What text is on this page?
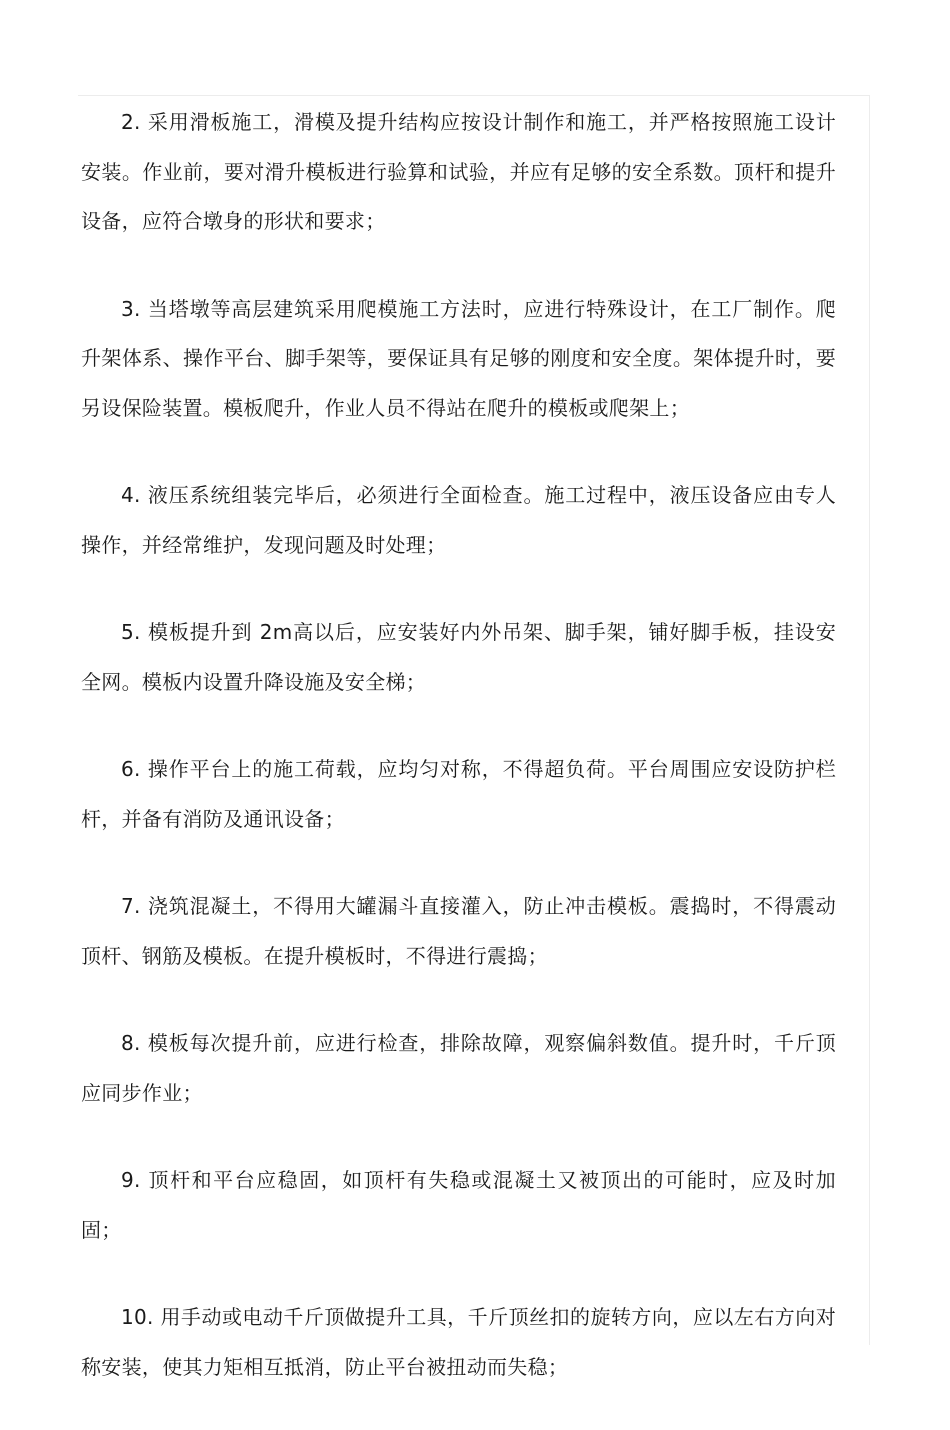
2. 采用滑板施工，滑模及提升结构应按设计制作和施工，并严格按照施工设计安装。作业前，要对滑升模板进行验算和试验，并应有足够的安全系数。顶杆和提升设备，应符合墩身的形状和要求；

3. 当塔墩等高层建筑采用爬模施工方法时，应进行特殊设计，在工厂制作。爬升架体系、操作平台、脚手架等，要保证具有足够的刚度和安全度。架体提升时，要另设保险装置。模板爬升，作业人员不得站在爬升的模板或爬架上；

4. 液压系统组装完毕后，必须进行全面检查。施工过程中，液压设备应由专人操作，并经常维护，发现问题及时处理；

5. 模板提升到 2m高以后，应安装好内外吊架、脚手架，铺好脚手板，挂设安全网。模板内设置升降设施及安全梯；

6. 操作平台上的施工荷载，应均匀对称，不得超负荷。平台周围应安设防护栏杆，并备有消防及通讯设备；

7. 浇筑混凝土，不得用大罐漏斗直接灌入，防止冲击模板。震捣时，不得震动顶杆、钢筋及模板。在提升模板时，不得进行震捣；

8. 模板每次提升前，应进行检查，排除故障，观察偏斜数值。提升时，千斤顶应同步作业；

9. 顶杆和平台应稳固，如顶杆有失稳或混凝土又被顶出的可能时，应及时加固；

10. 用手动或电动千斤顶做提升工具，千斤顶丝扣的旋转方向，应以左右方向对称安装，使其力矩相互抵消，防止平台被扭动而失稳；
